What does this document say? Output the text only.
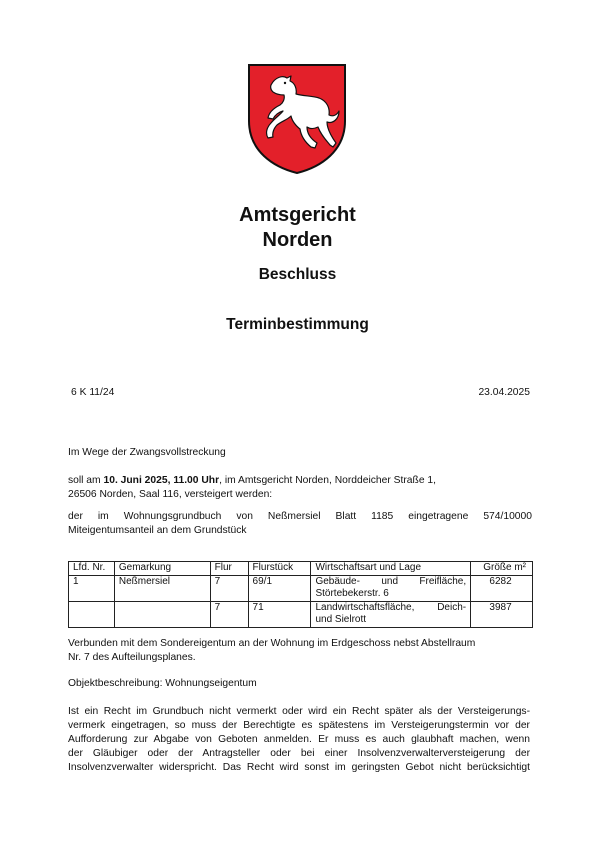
Amtsgericht
Norden
Beschluss
Terminbestimmung
6 K 11/24	23.04.2025
Im Wege der Zwangsvollstreckung
soll am 10. Juni 2025, 11.00 Uhr, im Amtsgericht Norden, Norddeicher Straße 1,
26506 Norden, Saal 116, versteigert werden:
der im Wohnungsgrundbuch von Neßmersiel Blatt 1185 eingetragene 574/10000
Miteigentumsanteil an dem Grundstück
Lfd. Nr.	Gemarkung	Flur	Flurstück	Wirtschaftsart und Lage	Größe m²
1	Neßmersiel	7	69/1	Gebäude- und Freifläche,
Störtebekerstr. 6	6282
		7	71	Landwirtschaftsfläche, Deich-
und Sielrott	3987
Verbunden mit dem Sondereigentum an der Wohnung im Erdgeschoss nebst Abstellraum
Nr. 7 des Aufteilungsplanes.
Objektbeschreibung: Wohnungseigentum
Ist ein Recht im Grundbuch nicht vermerkt oder wird ein Recht später als der Versteigerungs-
vermerk eingetragen, so muss der Berechtigte es spätestens im Versteigerungstermin vor der
Aufforderung zur Abgabe von Geboten anmelden. Er muss es auch glaubhaft machen, wenn
der Gläubiger oder der Antragsteller oder bei einer Insolvenzverwalterversteigerung der
Insolvenzverwalter widerspricht. Das Recht wird sonst im geringsten Gebot nicht berücksichtigt
